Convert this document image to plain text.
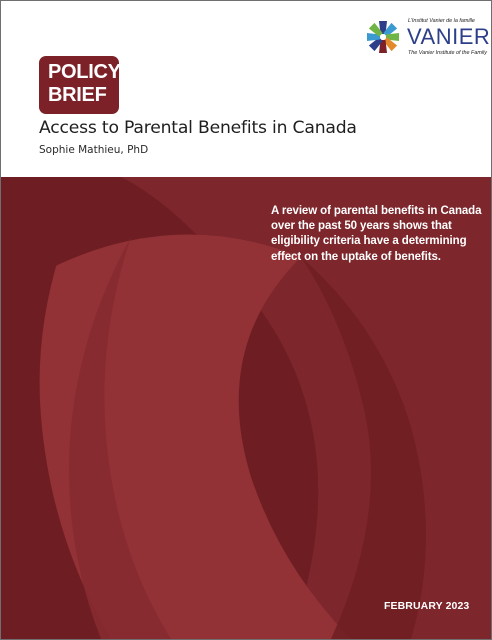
L’Institut Vanier de la famille
VANIER
The Vanier Institute of the Family
POLICY
BRIEF
Access to Parental Benefits in Canada
Sophie Mathieu, PhD
A review of parental benefits in Canada
over the past 50 years shows that
eligibility criteria have a determining
effect on the uptake of benefits.
FEBRUARY 2023
